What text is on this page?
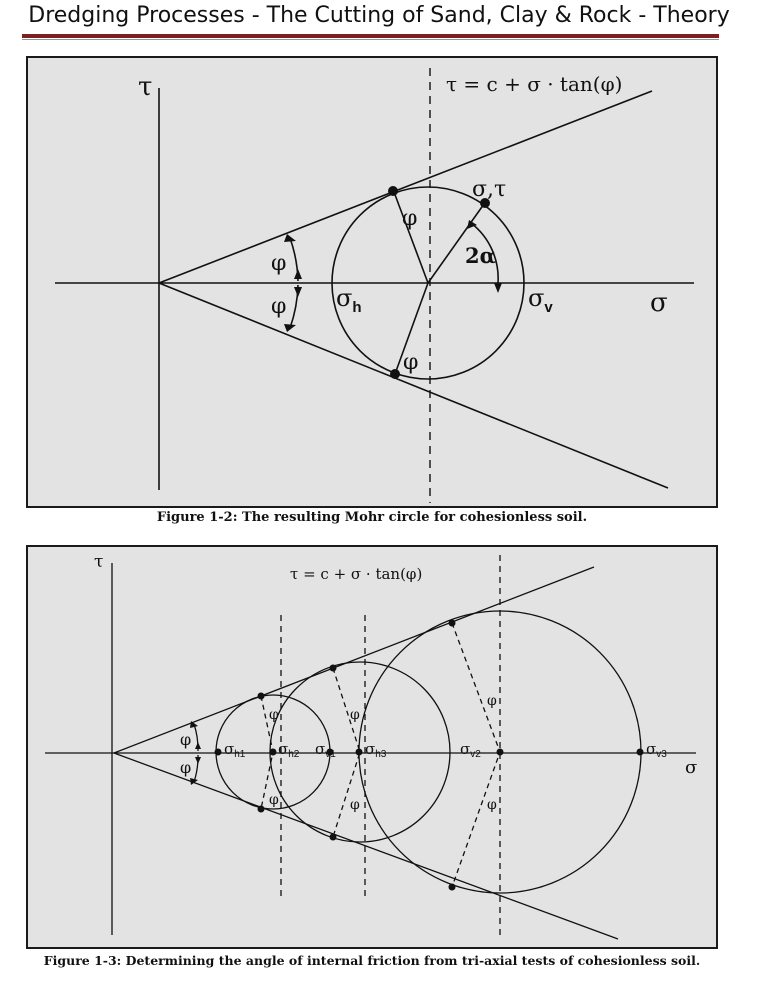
Dredging Processes - The Cutting of Sand, Clay & Rock - Theory
τ
σ
τ = c + σ · tan(φ)
σ,τ
2α
φ
φ
φ
φ $\sigma_h$	$\sigma_v$
Figure 1-2: The resulting Mohr circle for cohesionless soil.
τ
σ
τ = c + σ · tan(φ)
φ
φ
φ
φ
φ
φ
φ
φ
$\sigma_{h1}$ $\sigma_{h2}$ $\sigma_{v1}$ $\sigma_{h3}$	$\sigma_{v2}$	$\sigma_{v3}$
Figure 1-3: Determining the angle of internal friction from tri-axial tests of cohesionless soil.
